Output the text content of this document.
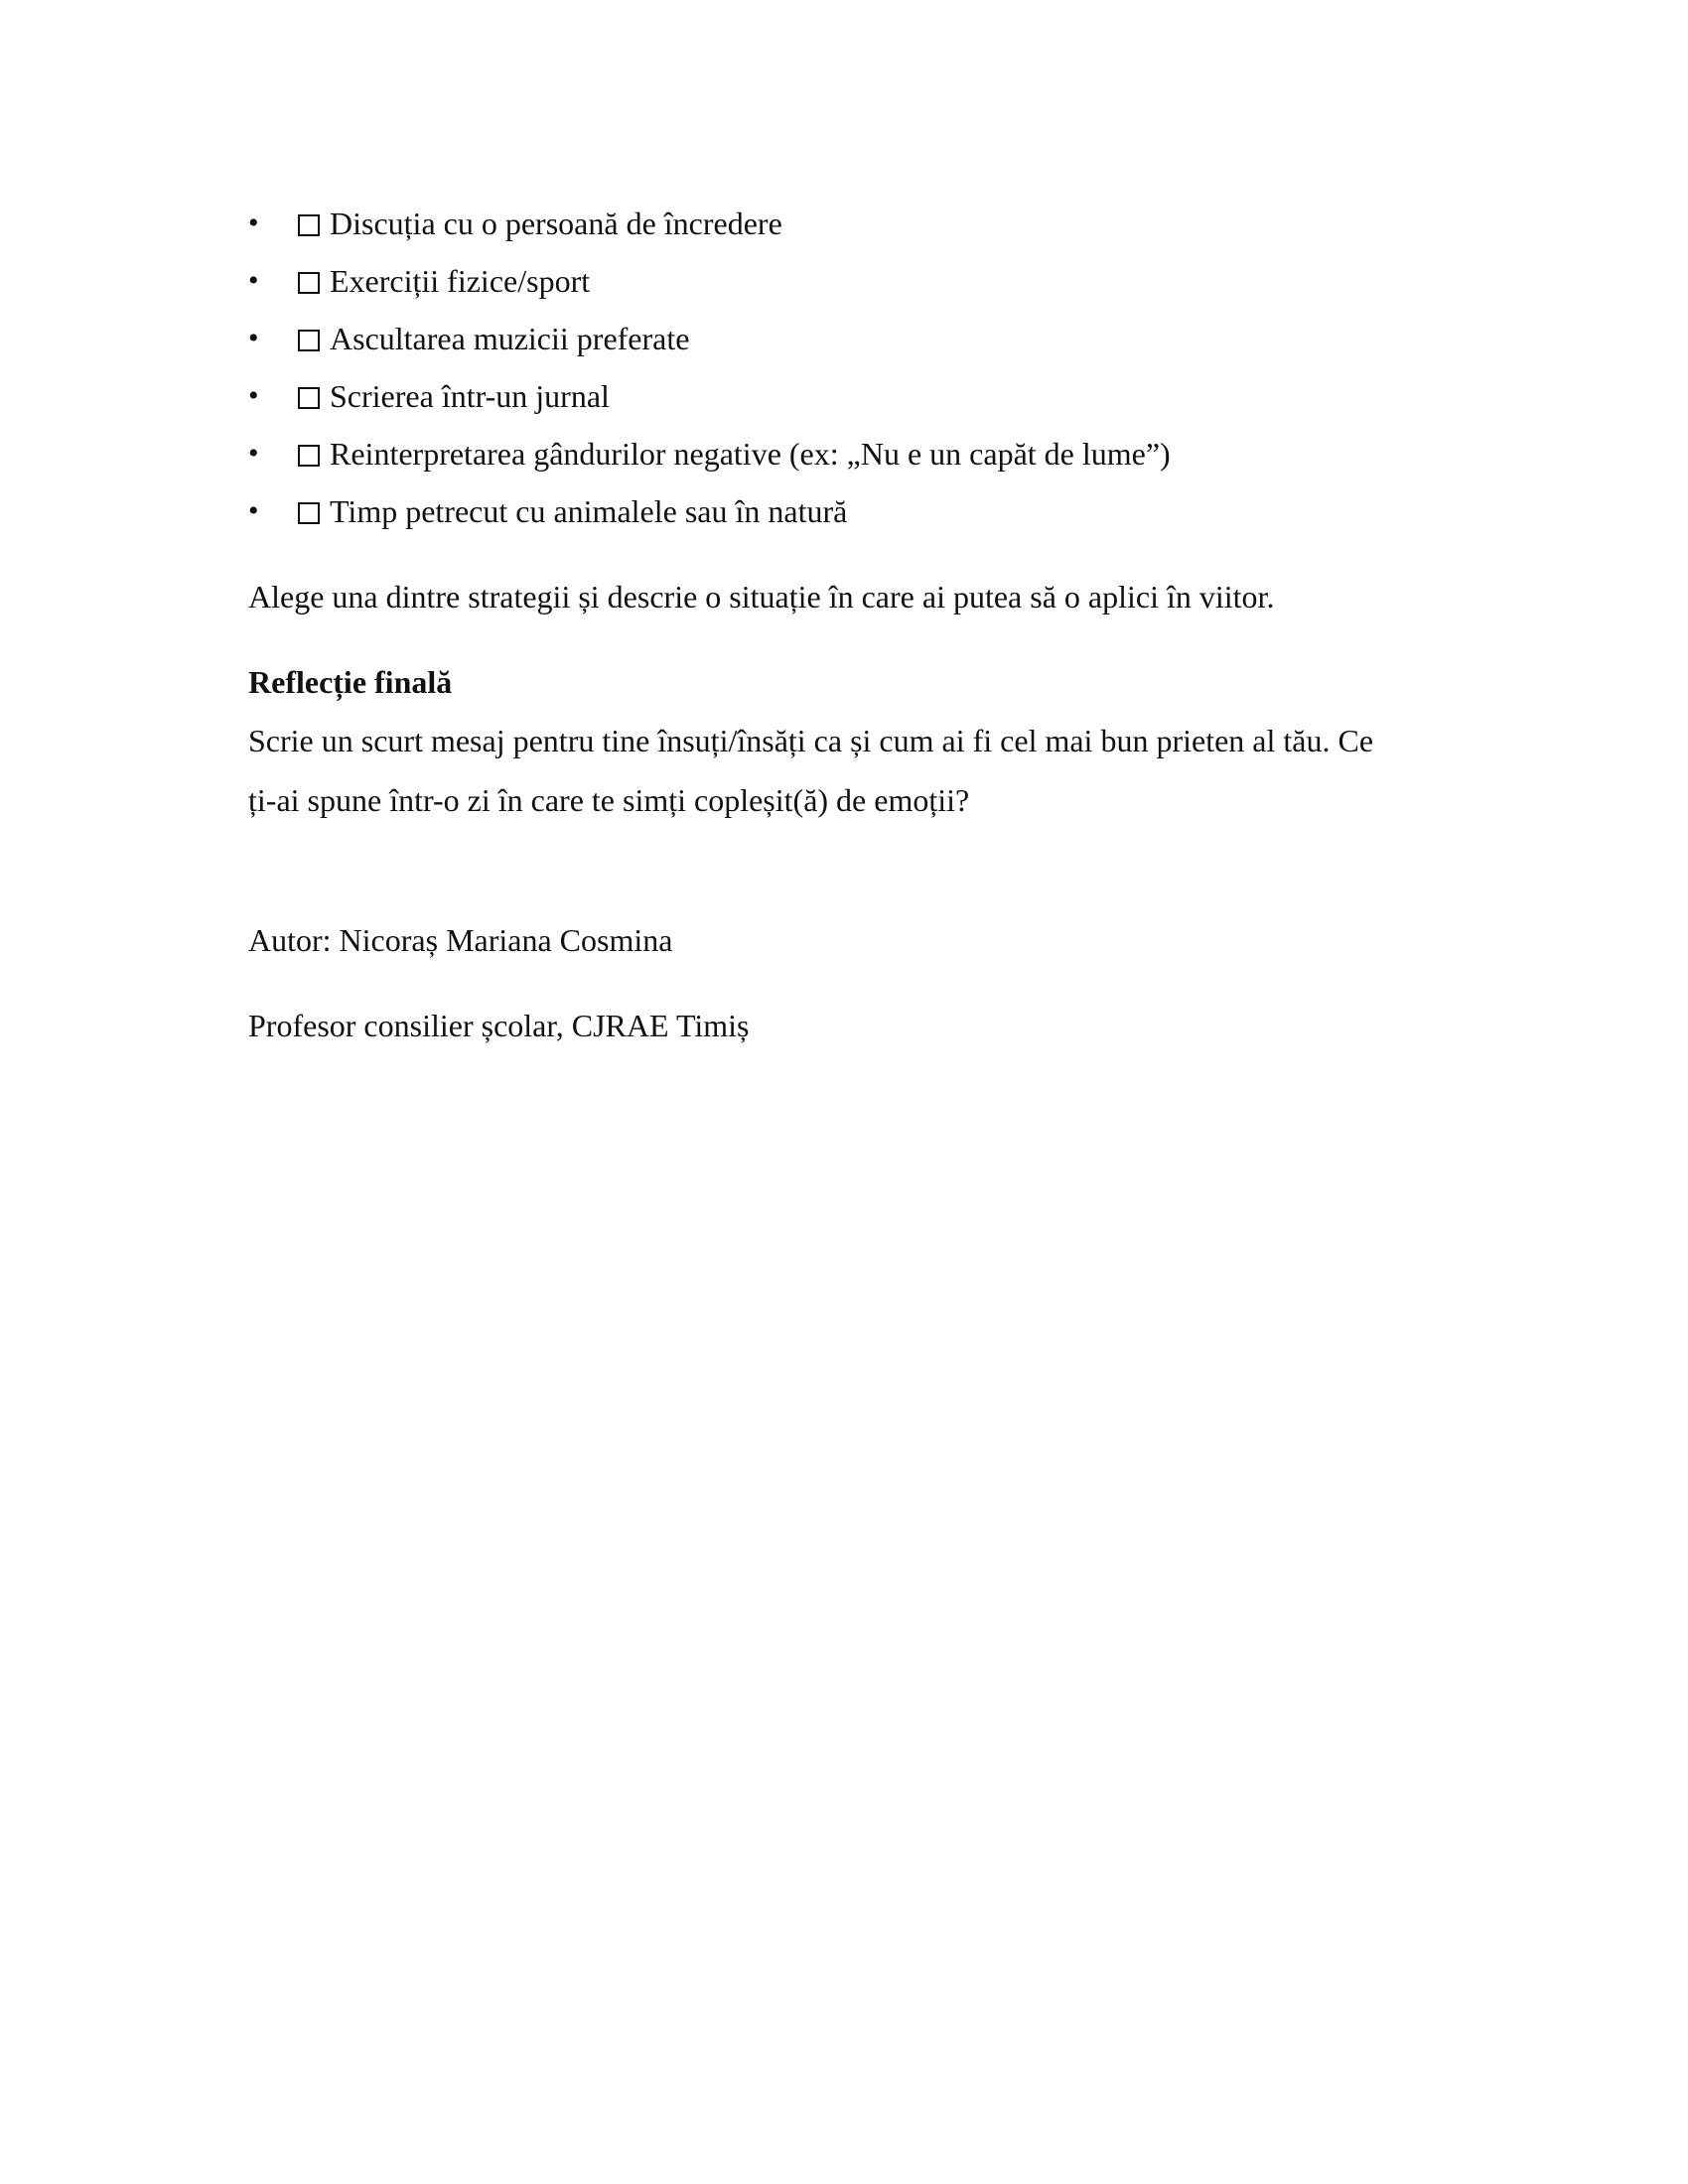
• Discuția cu o persoană de încredere
• Exerciții fizice/sport
• Ascultarea muzicii preferate
• Scrierea într-un jurnal
• Reinterpretarea gândurilor negative (ex: „Nu e un capăt de lume”)
• Timp petrecut cu animalele sau în natură

Alege una dintre strategii și descrie o situație în care ai putea să o aplici în viitor.

Reflecție finală

Scrie un scurt mesaj pentru tine însuți/însăți ca și cum ai fi cel mai bun prieten al tău. Ce
ți-ai spune într-o zi în care te simți copleșit(ă) de emoții?

Autor: Nicoraș Mariana Cosmina

Profesor consilier școlar, CJRAE Timiș
